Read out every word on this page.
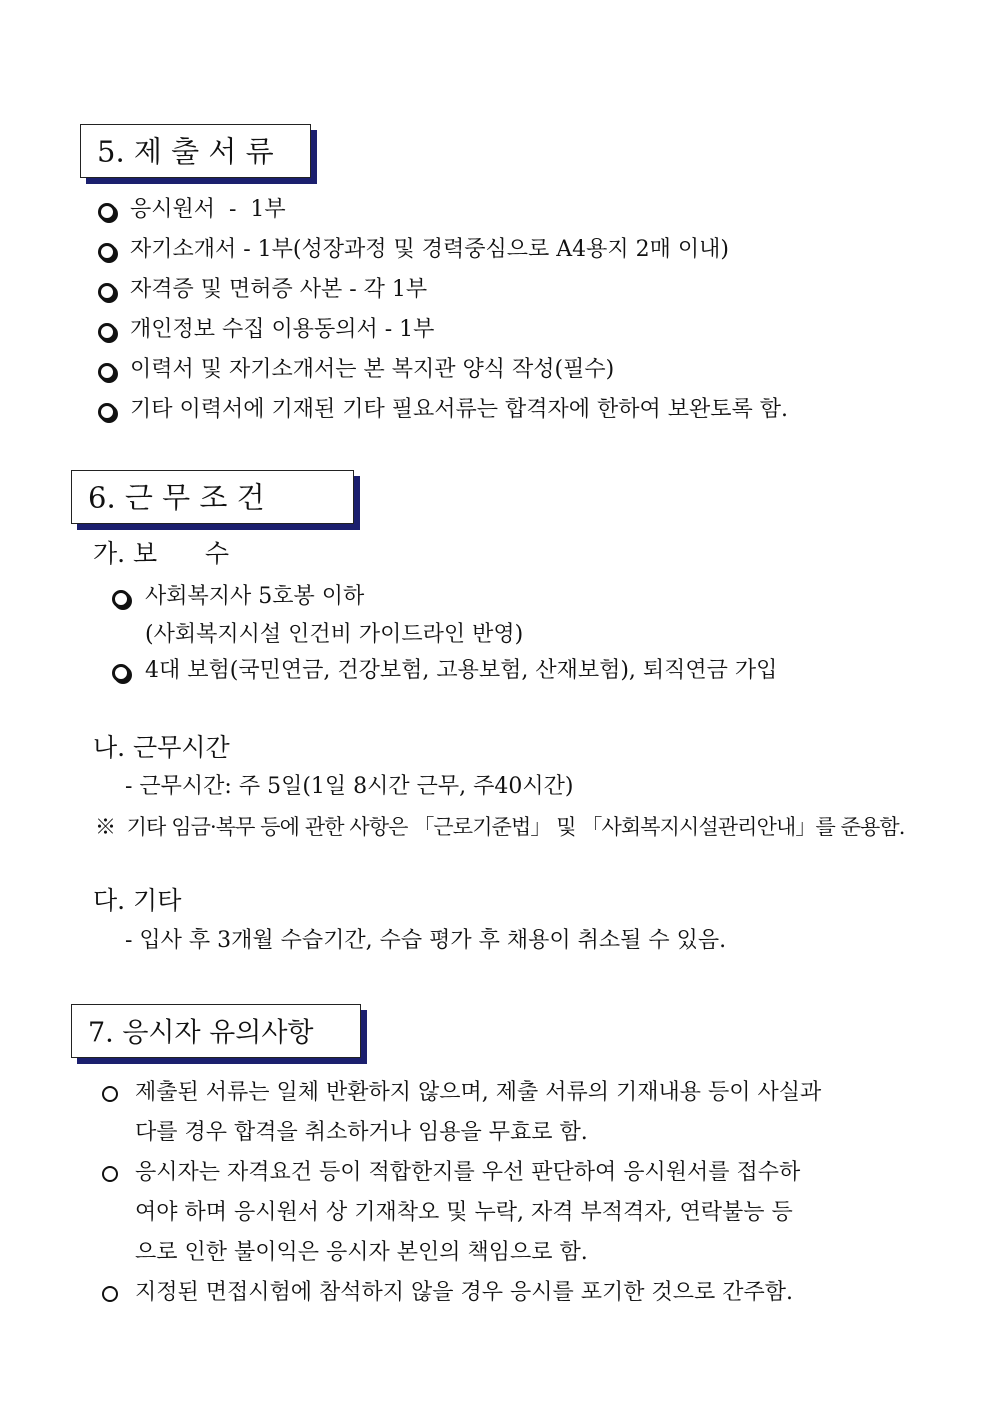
5. 제 출 서 류
응시원서  -  1부
자기소개서 - 1부(성장과정 및 경력중심으로 A4용지 2매 이내)
자격증 및 면허증 사본 - 각 1부
개인정보 수집 이용동의서 - 1부
이력서 및 자기소개서는 본 복지관 양식 작성(필수)
기타 이력서에 기재된 기타 필요서류는 합격자에 한하여 보완토록 함.
6. 근 무 조 건
가. 보      수
사회복지사 5호봉 이하
(사회복지시설 인건비 가이드라인 반영)
4대 보험(국민연금, 건강보험, 고용보험, 산재보험), 퇴직연금 가입
나. 근무시간
- 근무시간: 주 5일(1일 8시간 근무, 주40시간)
※  기타 임금·복무 등에 관한 사항은 「근로기준법」 및 「사회복지시설관리안내」를 준용함.
다. 기타
- 입사 후 3개월 수습기간, 수습 평가 후 채용이 취소될 수 있음.
7. 응시자 유의사항
제출된 서류는 일체 반환하지 않으며, 제출 서류의 기재내용 등이 사실과
다를 경우 합격을 취소하거나 임용을 무효로 함.
응시자는 자격요건 등이 적합한지를 우선 판단하여 응시원서를 접수하
여야 하며 응시원서 상 기재착오 및 누락, 자격 부적격자, 연락불능 등
으로 인한 불이익은 응시자 본인의 책임으로 함.
지정된 면접시험에 참석하지 않을 경우 응시를 포기한 것으로 간주함.
